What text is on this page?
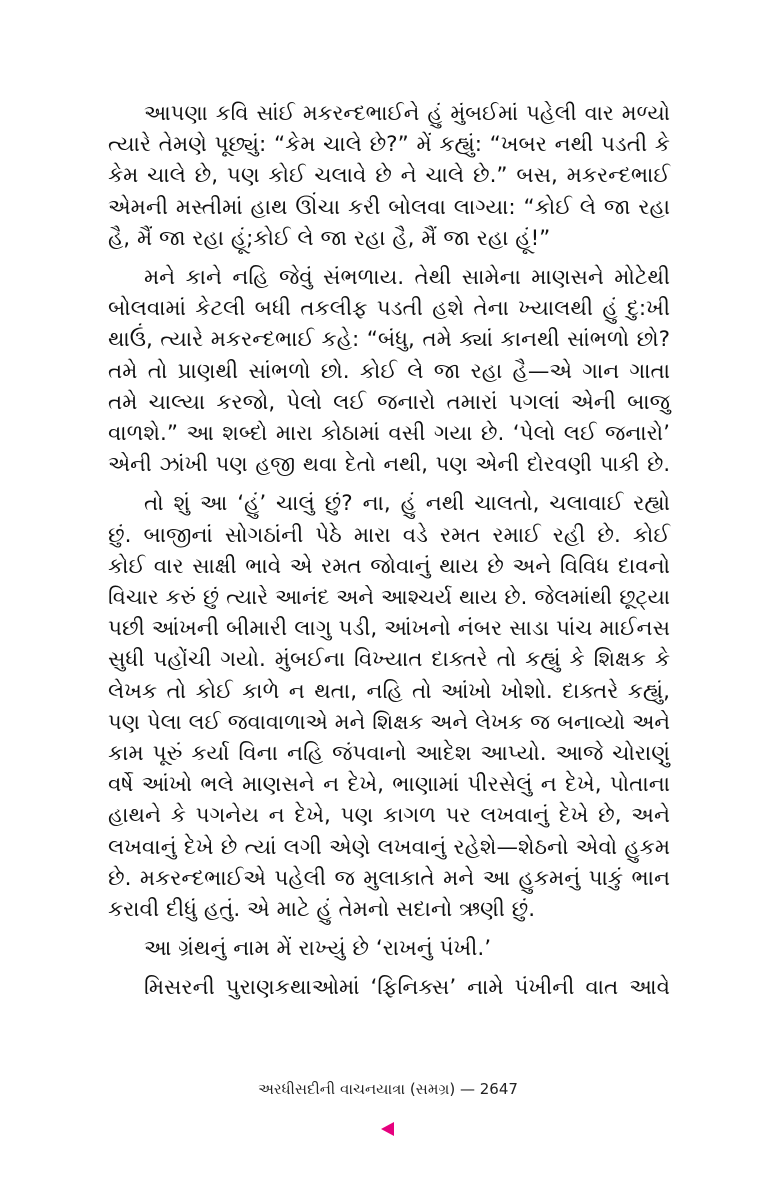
આપણા કવિ સાંઈ મકરન્દભાઈને હું મુંબઈમાં પહેલી વાર મળ્યો

ત્યારે તેમણે પૂછ્યું: “કેમ ચાલે છે?” મેં કહ્યું: “ખબર નથી પડતી કે

કેમ ચાલે છે, પણ કોઈ ચલાવે છે ને ચાલે છે.” બસ, મકરન્દભાઈ

એમની મસ્તીમાં હાથ ઊંચા કરી બોલવા લાગ્યા: “કોઈ લે જા રહા

હૈ, મૈં જા રહા હૂં;કોઈ લે જા રહા હૈ, મૈં જા રહા હૂં!”

મને કાને નહિ જેવું સંભળાય. તેથી સામેના માણસને મોટેથી

બોલવામાં કેટલી બધી તકલીફ પડતી હશે તેના ખ્યાલથી હું દુ:ખી

થાઉં, ત્યારે મકરન્દભાઈ કહે: “બંધુ, તમે ક્યાં કાનથી સાંભળો છો?

તમે તો પ્રાણથી સાંભળો છો. કોઈ લે જા રહા હૈ—એ ગાન ગાતા

તમે ચાલ્યા કરજો, પેલો લઈ જનારો તમારાં પગલાં એની બાજુ

વાળશે.” આ શબ્દો મારા કોઠામાં વસી ગયા છે. ‘પેલો લઈ જનારો’

એની ઝાંખી પણ હજી થવા દેતો નથી, પણ એની દોરવણી પાકી છે.

તો શું આ ‘હું’ ચાલું છું? ના, હું નથી ચાલતો, ચલાવાઈ રહ્યો

છું. બાજીનાં સોગઠાંની પેઠે મારા વડે રમત રમાઈ રહી છે. કોઈ

કોઈ વાર સાક્ષી ભાવે એ રમત જોવાનું થાય છે અને વિવિધ દાવનો

વિચાર કરું છું ત્યારે આનંદ અને આશ્ચર્ય થાય છે. જેલમાંથી છૂટ્યા

પછી આંખની બીમારી લાગુ પડી, આંખનો નંબર સાડા પાંચ માઈનસ

સુધી પહોંચી ગયો. મુંબઈના વિખ્યાત દાક્તરે તો કહ્યું કે શિક્ષક કે

લેખક તો કોઈ કાળે ન થતા, નહિ તો આંખો ખોશો. દાક્તરે કહ્યું,

પણ પેલા લઈ જવાવાળાએ મને શિક્ષક અને લેખક જ બનાવ્યો અને

કામ પૂરું કર્યા વિના નહિ જંપવાનો આદેશ આપ્યો. આજે ચોરાણું

વર્ષે આંખો ભલે માણસને ન દેખે, ભાણામાં પીરસેલું ન દેખે, પોતાના

હાથને કે પગનેય ન દેખે, પણ કાગળ પર લખવાનું દેખે છે, અને

લખવાનું દેખે છે ત્યાં લગી એણે લખવાનું રહેશે—શેઠનો એવો હુકમ

છે. મકરન્દભાઈએ પહેલી જ મુલાકાતે મને આ હુકમનું પાકું ભાન

કરાવી દીધું હતું. એ માટે હું તેમનો સદાનો ઋણી છું.

આ ગ્રંથનું નામ મેં રાખ્યું છે ‘રાખનું પંખી.’

મિસરની પુરાણકથાઓમાં ‘ફિનિક્સ’ નામે પંખીની વાત આવે

અરધીસદીની વાચનયાત્રા (સમગ્ર) — 2647
